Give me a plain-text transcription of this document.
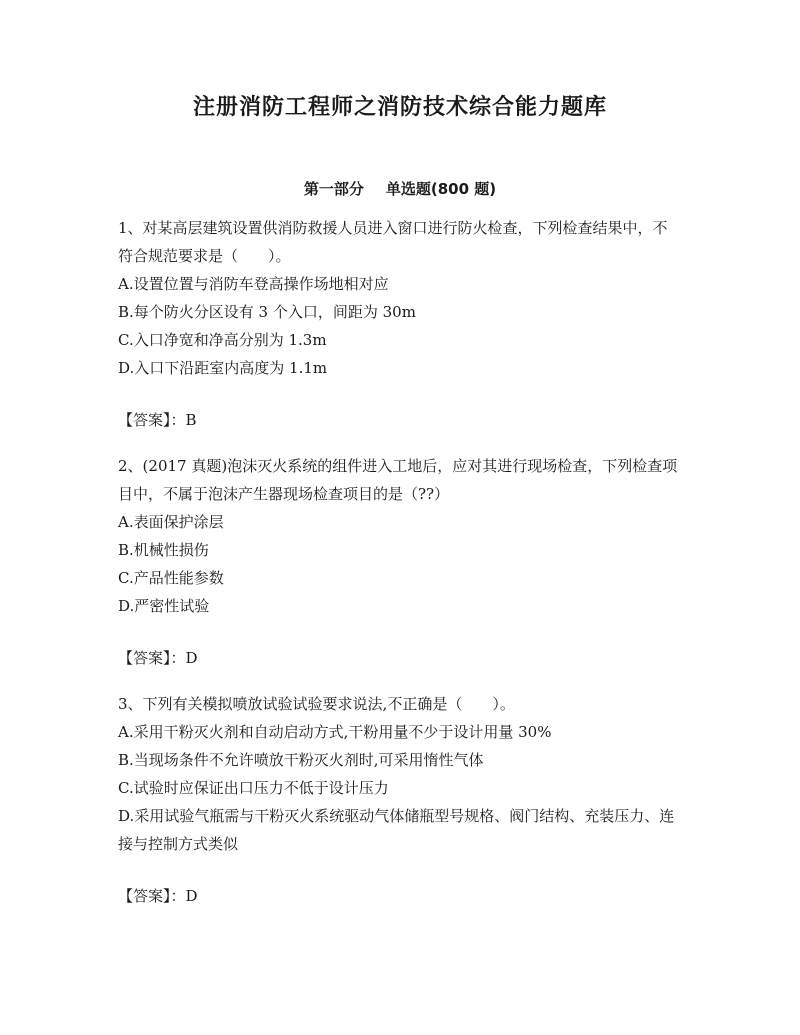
注册消防工程师之消防技术综合能力题库
第一部分 单选题(800 题)

1、对某高层建筑设置供消防救援人员进入窗口进行防火检查，下列检查结果中，不符合规范要求是（　　）。

A.设置位置与消防车登高操作场地相对应

B.每个防火分区设有 3 个入口，间距为 30m

C.入口净宽和净高分别为 1.3m

D.入口下沿距室内高度为 1.1m

【答案】：B

2、(2017 真题)泡沫灭火系统的组件进入工地后，应对其进行现场检查，下列检查项目中，不属于泡沫产生器现场检查项目的是（??）

A.表面保护涂层

B.机械性损伤

C.产品性能参数

D.严密性试验

【答案】：D

3、下列有关模拟喷放试验试验要求说法,不正确是（　　）。

A.采用干粉灭火剂和自动启动方式,干粉用量不少于设计用量 30%

B.当现场条件不允许喷放干粉灭火剂时,可采用惰性气体

C.试验时应保证出口压力不低于设计压力

D.采用试验气瓶需与干粉灭火系统驱动气体储瓶型号规格、阀门结构、充装压力、连接与控制方式类似

【答案】：D
